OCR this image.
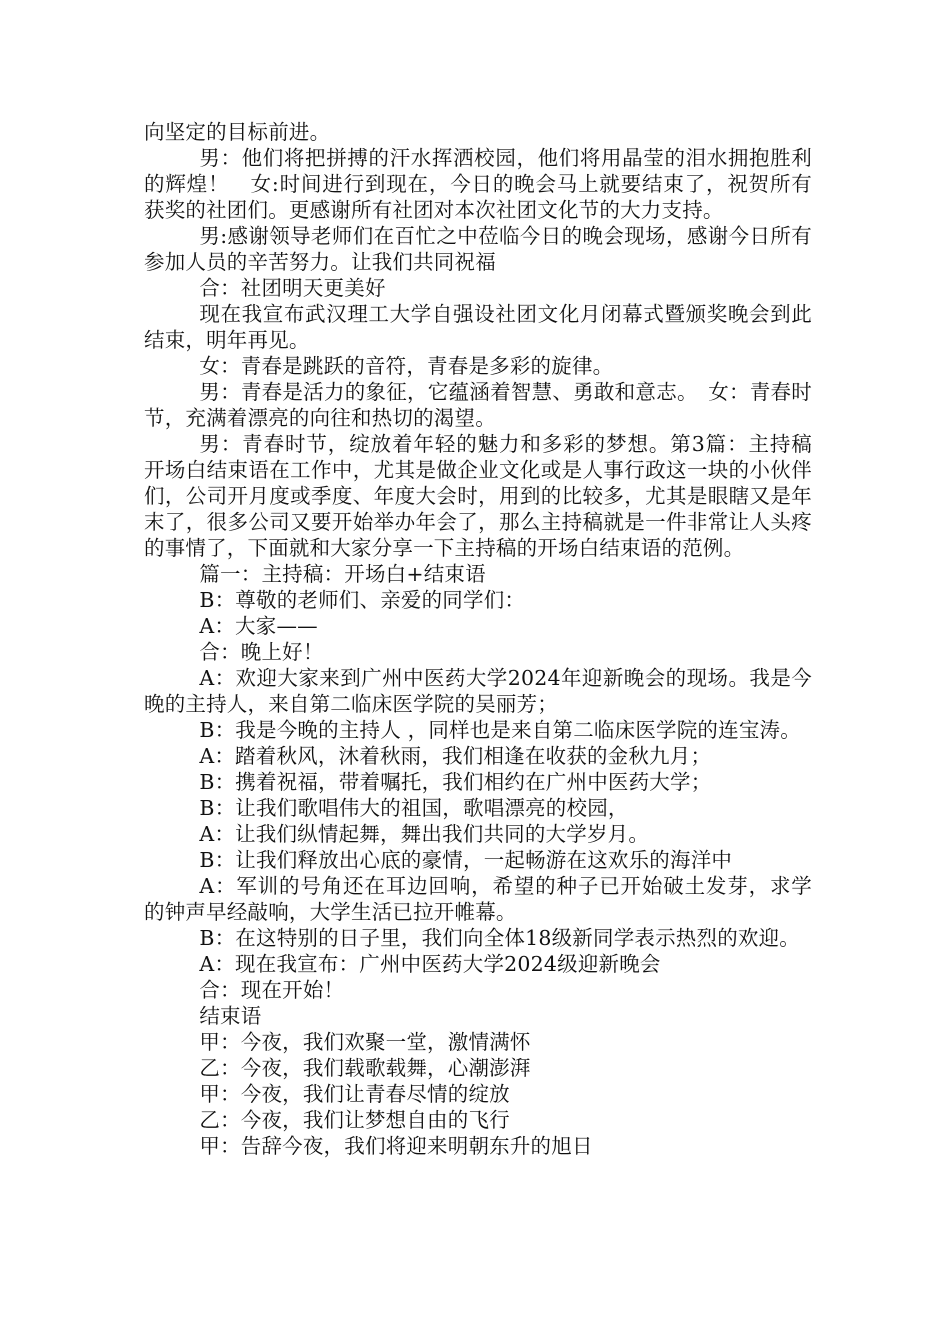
向坚定的目标前进。

男：他们将把拼搏的汗水挥洒校园，他们将用晶莹的泪水拥抱胜利的辉煌！　女:时间进行到现在，今日的晚会马上就要结束了，祝贺所有获奖的社团们。更感谢所有社团对本次社团文化节的大力支持。

男:感谢领导老师们在百忙之中莅临今日的晚会现场，感谢今日所有参加人员的辛苦努力。让我们共同祝福

合：社团明天更美好

现在我宣布武汉理工大学自强设社团文化月闭幕式暨颁奖晚会到此结束，明年再见。

女：青春是跳跃的音符，青春是多彩的旋律。

男：青春是活力的象征，它蕴涵着智慧、勇敢和意志。　女：青春时节，充满着漂亮的向往和热切的渴望。

男：青春时节，绽放着年轻的魅力和多彩的梦想。第3篇：主持稿开场白结束语在工作中，尤其是做企业文化或是人事行政这一块的小伙伴们，公司开月度或季度、年度大会时，用到的比较多，尤其是眼瞎又是年末了，很多公司又要开始举办年会了，那么主持稿就是一件非常让人头疼的事情了，下面就和大家分享一下主持稿的开场白结束语的范例。

篇一：主持稿：开场白+结束语

B：尊敬的老师们、亲爱的同学们：

A：大家——

合：晚上好！

A：欢迎大家来到广州中医药大学2024年迎新晚会的现场。我是今晚的主持人，来自第二临床医学院的吴丽芳；

B：我是今晚的主持人 ，同样也是来自第二临床医学院的连宝涛。

A：踏着秋风，沐着秋雨，我们相逢在收获的金秋九月；

B：携着祝福，带着嘱托，我们相约在广州中医药大学；

B：让我们歌唱伟大的祖国，歌唱漂亮的校园，

A：让我们纵情起舞，舞出我们共同的大学岁月。

B：让我们释放出心底的豪情，一起畅游在这欢乐的海洋中

A：军训的号角还在耳边回响，希望的种子已开始破土发芽，求学的钟声早经敲响，大学生活已拉开帷幕。

B：在这特别的日子里，我们向全体18级新同学表示热烈的欢迎。

A：现在我宣布：广州中医药大学2024级迎新晚会

合：现在开始！

结束语

甲：今夜，我们欢聚一堂，激情满怀

乙：今夜，我们载歌载舞，心潮澎湃

甲：今夜，我们让青春尽情的绽放

乙：今夜，我们让梦想自由的飞行

甲：告辞今夜，我们将迎来明朝东升的旭日
